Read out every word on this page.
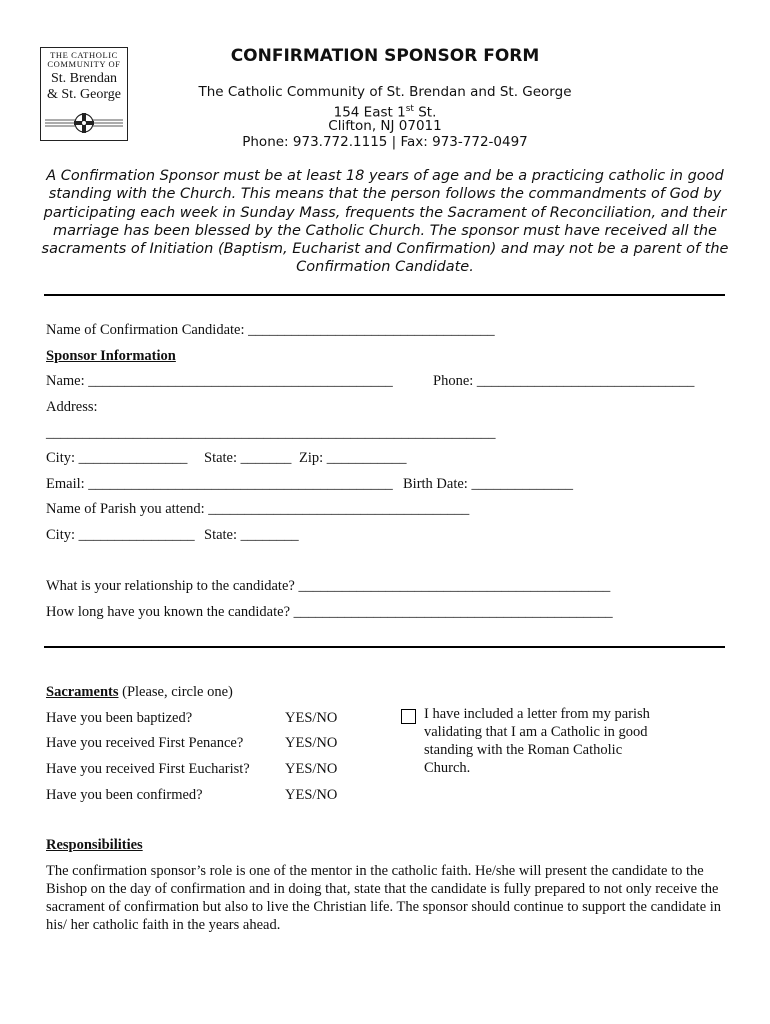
THE CATHOLIC
COMMUNITY OF
St. Brendan
& St. George
CONFIRMATION SPONSOR FORM
The Catholic Community of St. Brendan and St. George
154 East 1st St.
Clifton, NJ 07011
Phone: 973.772.1115 | Fax: 973-772-0497
A Confirmation Sponsor must be at least 18 years of age and be a practicing catholic in good standing with the Church. This means that the person follows the commandments of God by participating each week in Sunday Mass, frequents the Sacrament of Reconciliation, and their marriage has been blessed by the Catholic Church. The sponsor must have received all the sacraments of Initiation (Baptism, Eucharist and Confirmation) and may not be a parent of the Confirmation Candidate.
Name of Confirmation Candidate: __________________________________
Sponsor Information
Name: __________________________________________	Phone: ______________________________
Address:
______________________________________________________________
City: _______________ State: _______ Zip: ___________
Email: __________________________________________ Birth Date: ______________
Name of Parish you attend: ____________________________________
City: ________________ State: ________
What is your relationship to the candidate? ___________________________________________
How long have you known the candidate? ____________________________________________
Sacraments (Please, circle one)
Have you been baptized?	YES/NO
Have you received First Penance?	YES/NO
Have you received First Eucharist? YES/NO
Have you been confirmed?	YES/NO
I have included a letter from my parish validating that I am a Catholic in good standing with the Roman Catholic Church.
Responsibilities
The confirmation sponsor’s role is one of the mentor in the catholic faith. He/she will present the candidate to the Bishop on the day of confirmation and in doing that, state that the candidate is fully prepared to not only receive the sacrament of confirmation but also to live the Christian life. The sponsor should continue to support the candidate in his/ her catholic faith in the years ahead.
